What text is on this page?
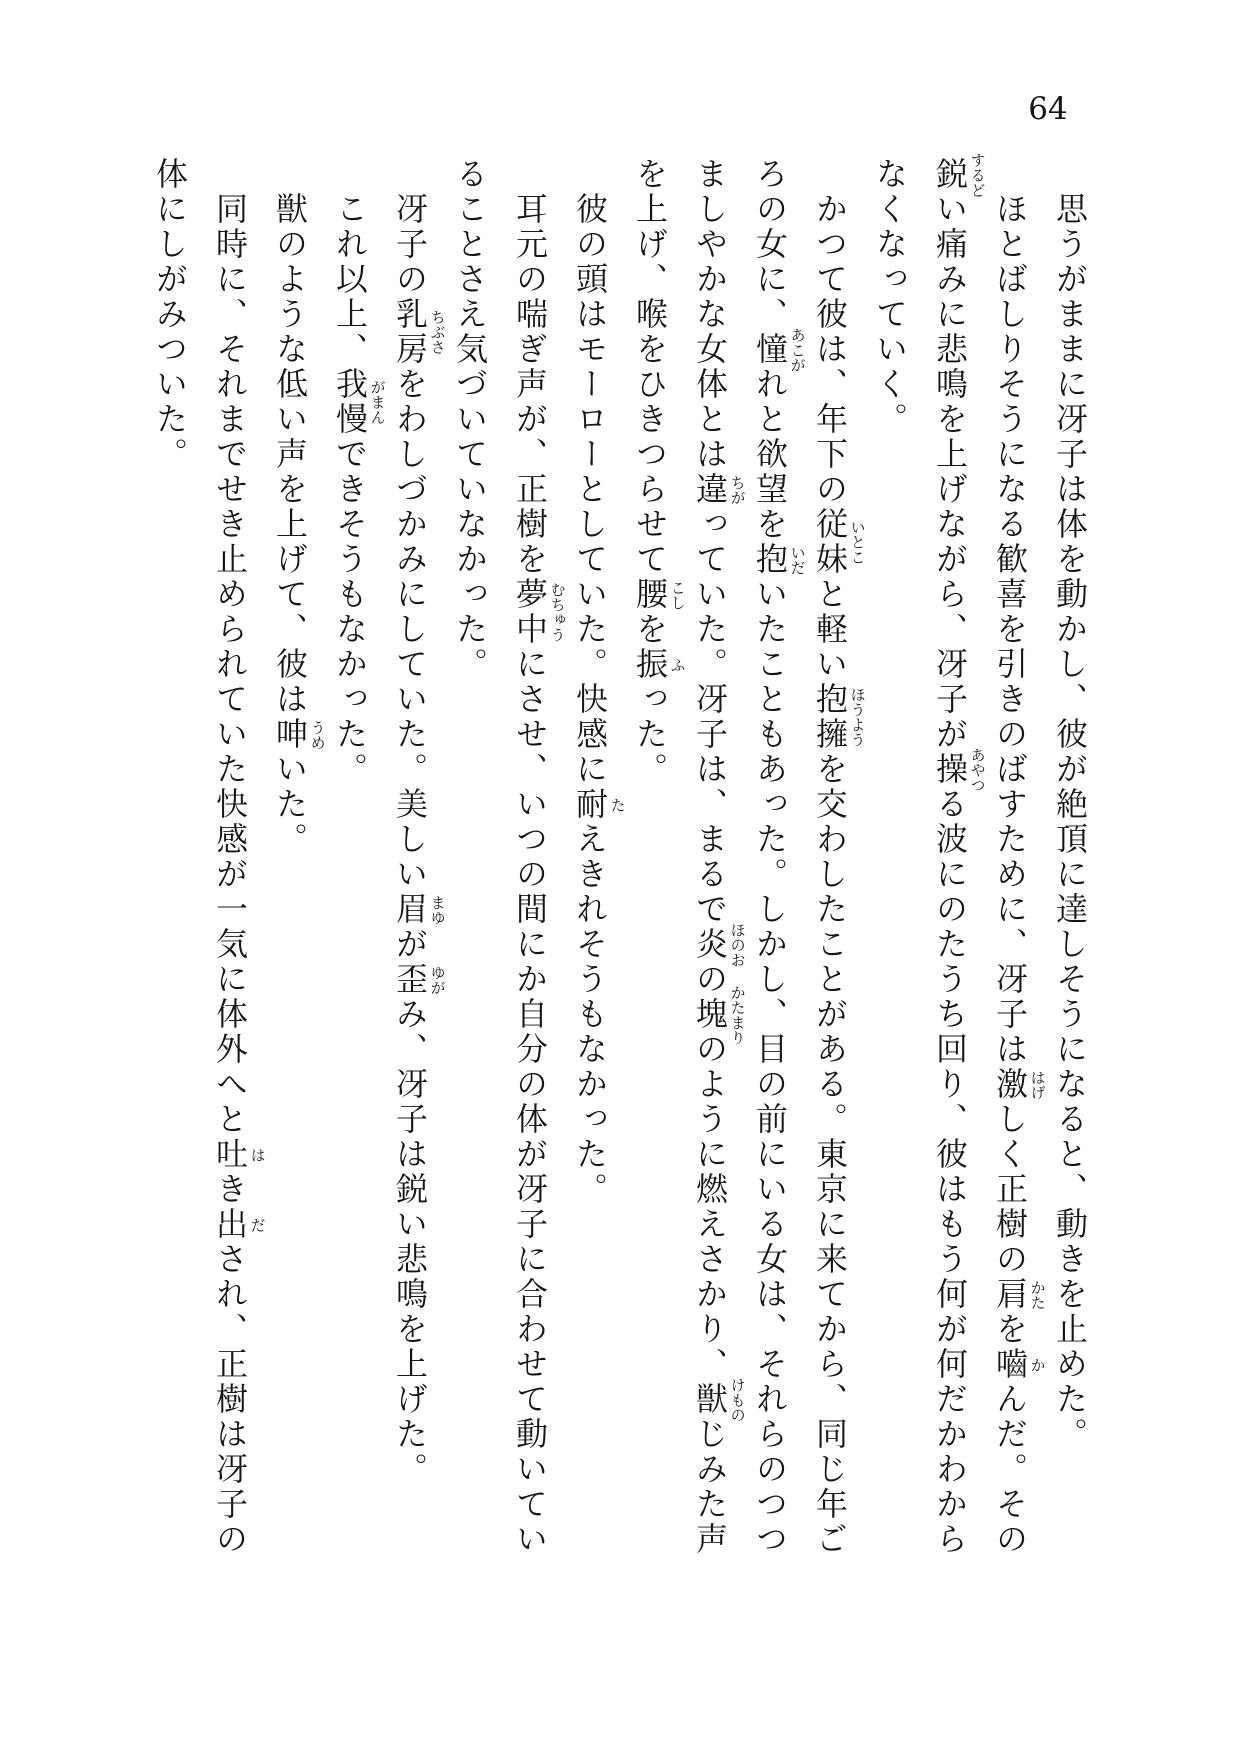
64

思うがままに冴子は体を動かし、彼が絶頂に達しそうになると、動きを止めた。

ほとばしりそうになる歓喜を引きのばすために、冴子は激 はげ
しく正樹の肩 かた
を嚙 か
んだ。その鋭 するど
い痛みに悲鳴を上げながら、冴子が操 あやつ
る波にのたうち回り、彼はもう何が何だかわからなくなっていく。

かつて彼は、年下の従妹 いとこ
と軽い抱擁 ほうよう
を交わしたことがある。東京に来てから、同じ年ごろの女に、憧 あこが
れと欲望を抱 いだ
いたこともあった。しかし、目の前にいる女は、それらのつつましやかな女体とは違 ちが
っていた。冴子は、まるで炎 ほのお
の塊 かたまり
のように燃えさかり、獣 けもの
じみた声を上げ、喉をひきつらせて腰 こし
を振 ふ
った。

彼の頭はモーローとしていた。快感に耐 た
えきれそうもなかった。

耳元の喘ぎ声が、正樹を夢中 むちゅう
にさせ、いつの間にか自分の体が冴子に合わせて動いていることさえ気づいていなかった。

冴子の乳房 ちぶさ
をわしづかみにしていた。美しい眉 まゆ
が歪 ゆが
み、冴子は鋭い悲鳴を上げた。

これ以上、我慢 がまん
できそうもなかった。

獣のような低い声を上げて、彼は呻 うめ
いた。

同時に、それまでせき止められていた快感が一気に体外へと吐 は
き出 だ
され、正樹は冴子の体にしがみついた。
